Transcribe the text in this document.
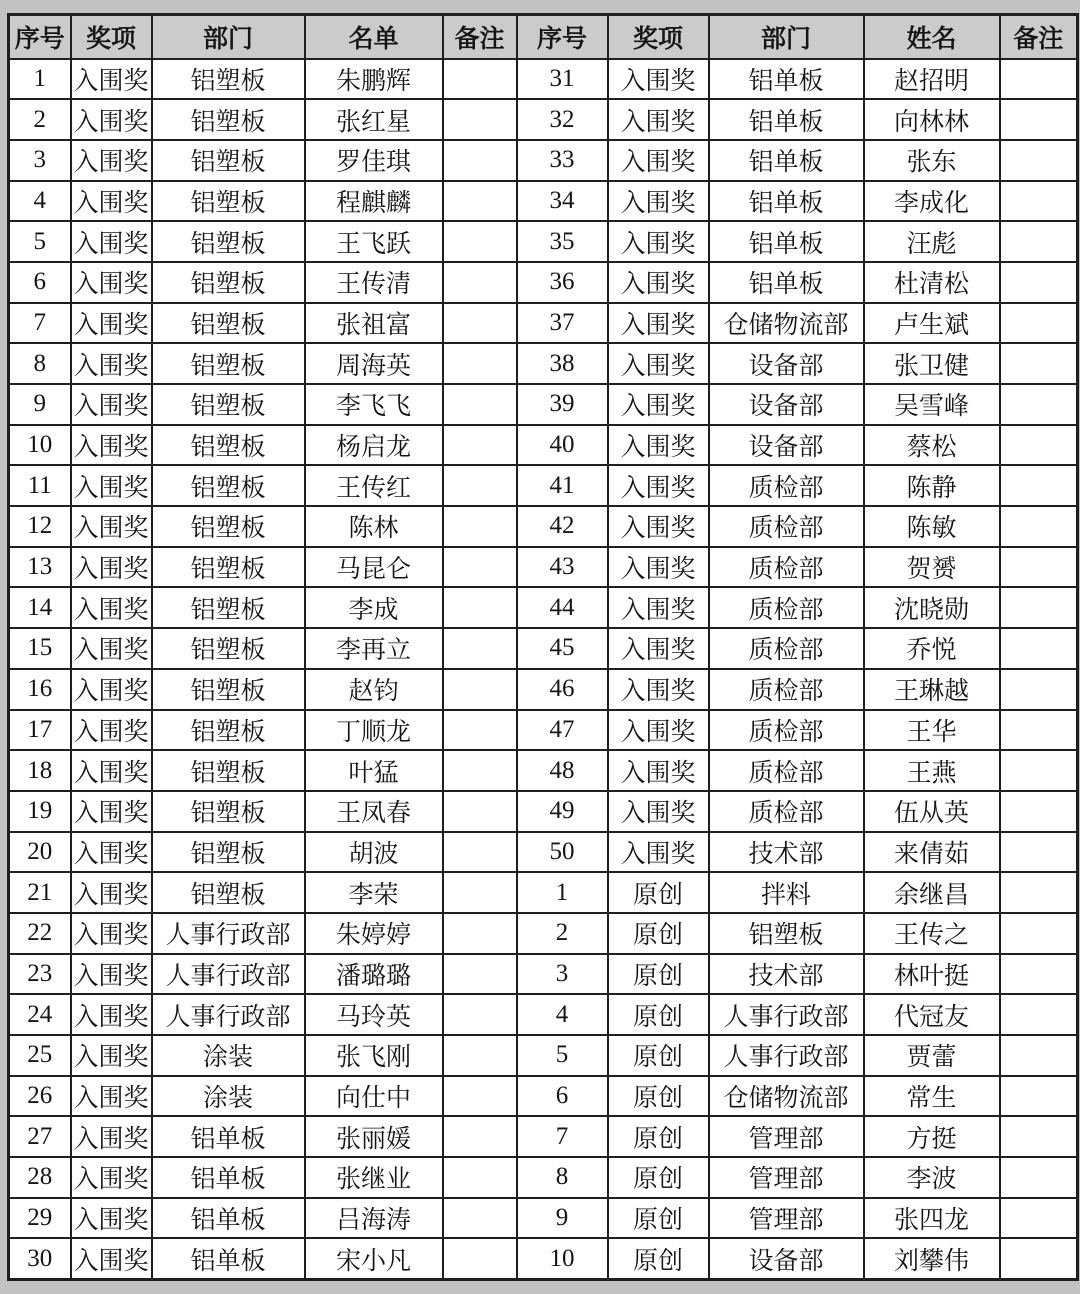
序号	奖项	部门	名单	备注	序号	奖项	部门	姓名	备注
1	入围奖	铝塑板	朱鹏辉		31	入围奖	铝单板	赵招明	
2	入围奖	铝塑板	张红星		32	入围奖	铝单板	向林林	
3	入围奖	铝塑板	罗佳琪		33	入围奖	铝单板	张东	
4	入围奖	铝塑板	程麒麟		34	入围奖	铝单板	李成化	
5	入围奖	铝塑板	王飞跃		35	入围奖	铝单板	汪彪	
6	入围奖	铝塑板	王传清		36	入围奖	铝单板	杜清松	
7	入围奖	铝塑板	张祖富		37	入围奖	仓储物流部	卢生斌	
8	入围奖	铝塑板	周海英		38	入围奖	设备部	张卫健	
9	入围奖	铝塑板	李飞飞		39	入围奖	设备部	吴雪峰	
10	入围奖	铝塑板	杨启龙		40	入围奖	设备部	蔡松	
11	入围奖	铝塑板	王传红		41	入围奖	质检部	陈静	
12	入围奖	铝塑板	陈林		42	入围奖	质检部	陈敏	
13	入围奖	铝塑板	马昆仑		43	入围奖	质检部	贺赟	
14	入围奖	铝塑板	李成		44	入围奖	质检部	沈晓勋	
15	入围奖	铝塑板	李再立		45	入围奖	质检部	乔悦	
16	入围奖	铝塑板	赵钧		46	入围奖	质检部	王琳越	
17	入围奖	铝塑板	丁顺龙		47	入围奖	质检部	王华	
18	入围奖	铝塑板	叶猛		48	入围奖	质检部	王燕	
19	入围奖	铝塑板	王凤春		49	入围奖	质检部	伍从英	
20	入围奖	铝塑板	胡波		50	入围奖	技术部	来倩茹	
21	入围奖	铝塑板	李荣		1	原创	拌料	余继昌	
22	入围奖	人事行政部	朱婷婷		2	原创	铝塑板	王传之	
23	入围奖	人事行政部	潘璐璐		3	原创	技术部	林叶挺	
24	入围奖	人事行政部	马玲英		4	原创	人事行政部	代冠友	
25	入围奖	涂装	张飞刚		5	原创	人事行政部	贾蕾	
26	入围奖	涂装	向仕中		6	原创	仓储物流部	常生	
27	入围奖	铝单板	张丽媛		7	原创	管理部	方挺	
28	入围奖	铝单板	张继业		8	原创	管理部	李波	
29	入围奖	铝单板	吕海涛		9	原创	管理部	张四龙	
30	入围奖	铝单板	宋小凡		10	原创	设备部	刘攀伟	
